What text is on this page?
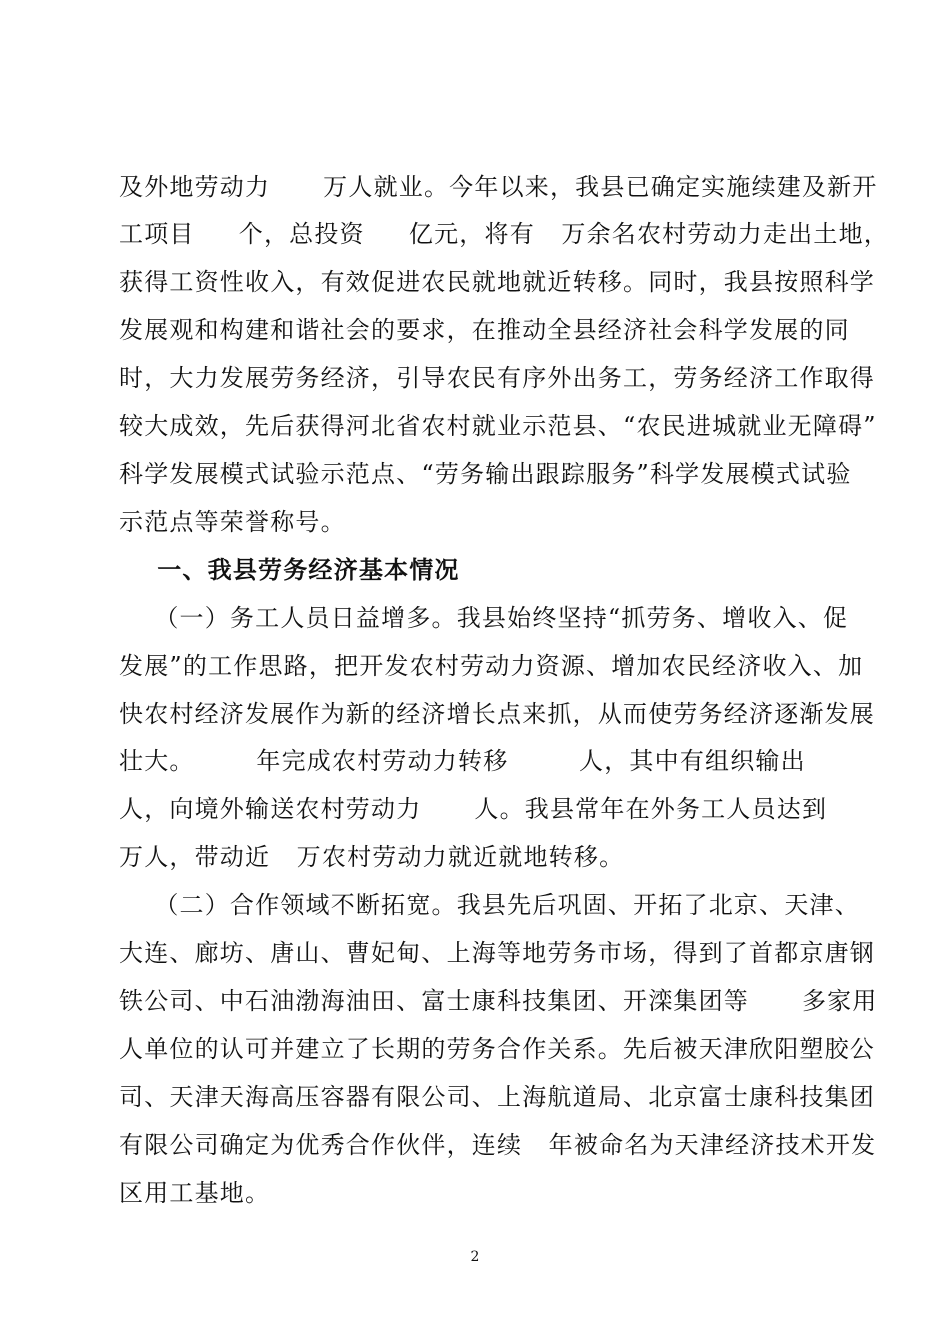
及外地劳动力      万人就业。今年以来，我县已确定实施续建及新开
工项目     个，总投资     亿元，将有   万余名农村劳动力走出土地，
获得工资性收入，有效促进农民就地就近转移。同时，我县按照科学
发展观和构建和谐社会的要求，在推动全县经济社会科学发展的同
时，大力发展劳务经济，引导农民有序外出务工，劳务经济工作取得
较大成效，先后获得河北省农村就业示范县、“农民进城就业无障碍”
科学发展模式试验示范点、“劳务输出跟踪服务”科学发展模式试验
示范点等荣誉称号。
一、我县劳务经济基本情况
（一）务工人员日益增多。我县始终坚持“抓劳务、增收入、促
发展”的工作思路，把开发农村劳动力资源、增加农民经济收入、加
快农村经济发展作为新的经济增长点来抓，从而使劳务经济逐渐发展
壮大。       年完成农村劳动力转移        人，其中有组织输出
人，向境外输送农村劳动力      人。我县常年在外务工人员达到
万人，带动近   万农村劳动力就近就地转移。
（二）合作领域不断拓宽。我县先后巩固、开拓了北京、天津、
大连、廊坊、唐山、曹妃甸、上海等地劳务市场，得到了首都京唐钢
铁公司、中石油渤海油田、富士康科技集团、开滦集团等      多家用
人单位的认可并建立了长期的劳务合作关系。先后被天津欣阳塑胶公
司、天津天海高压容器有限公司、上海航道局、北京富士康科技集团
有限公司确定为优秀合作伙伴，连续   年被命名为天津经济技术开发
区用工基地。
2
